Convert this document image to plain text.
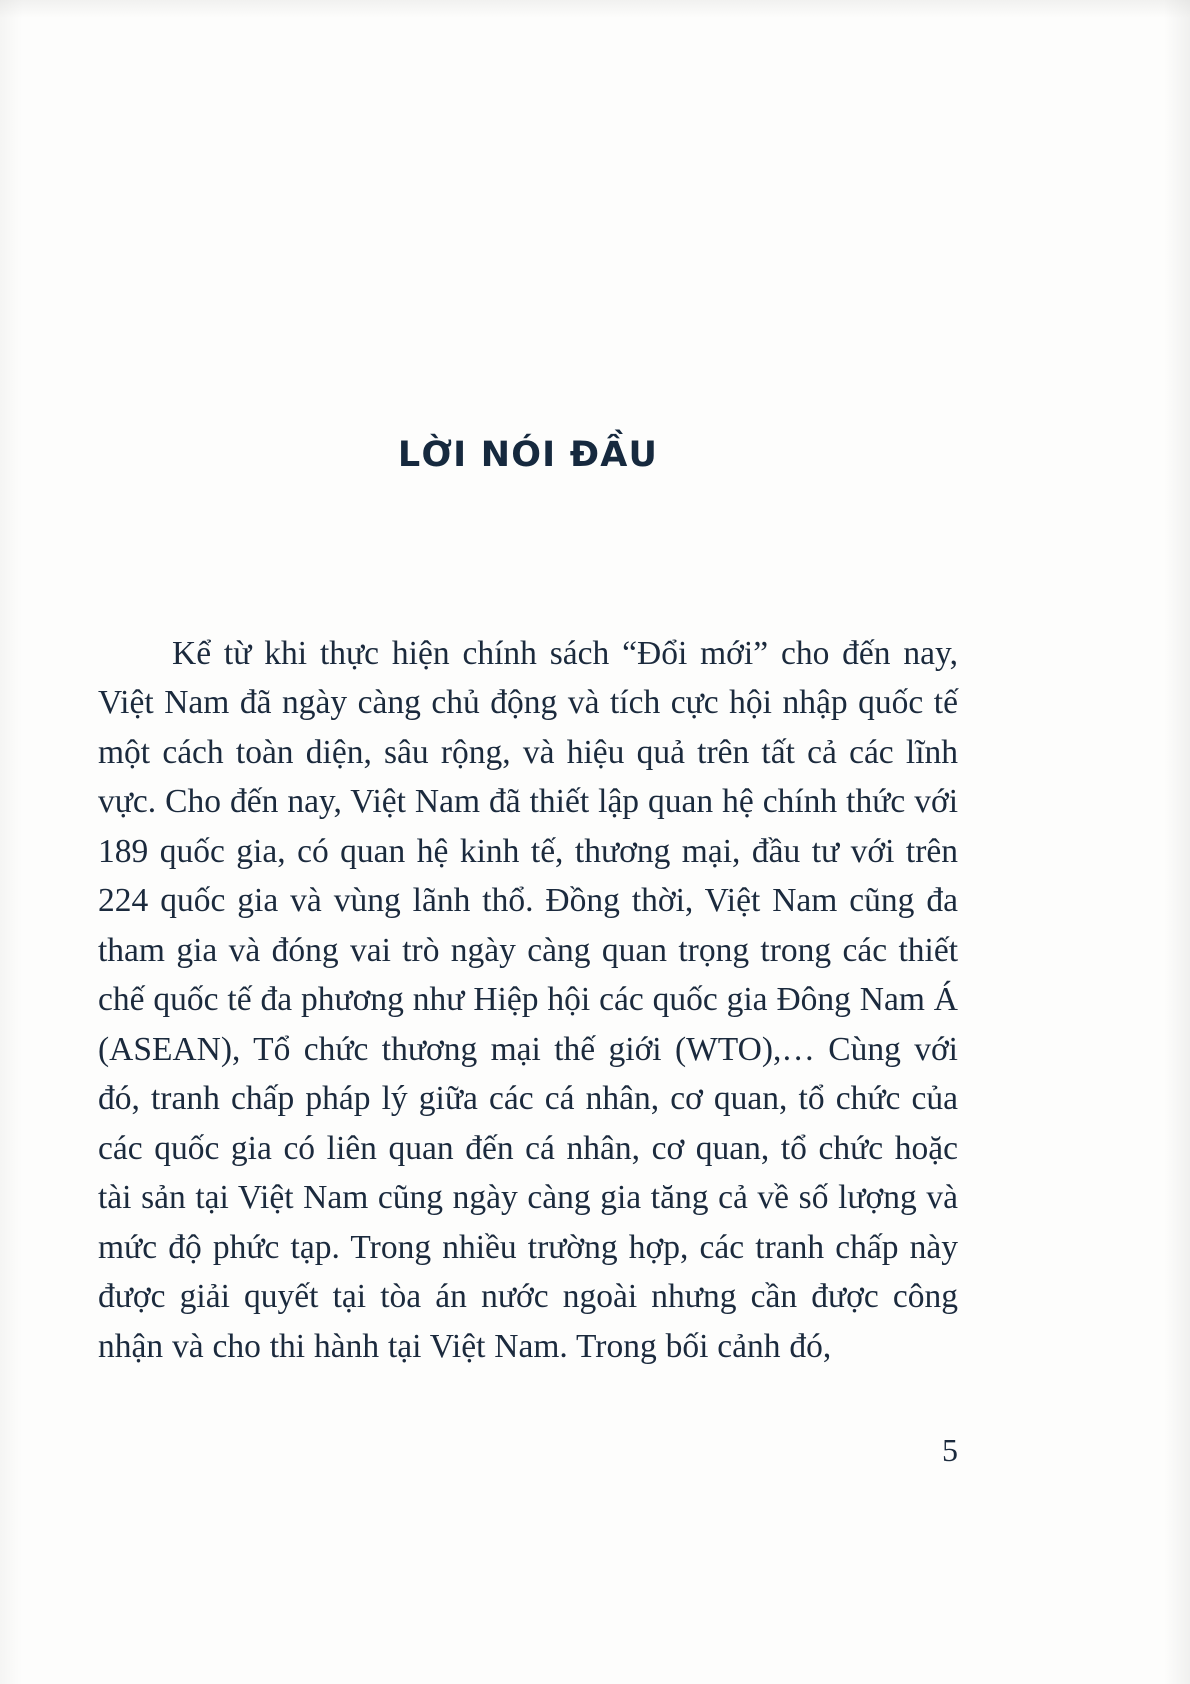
LỜI NÓI ĐẦU

Kể từ khi thực hiện chính sách “Đổi mới” cho đến nay, Việt Nam đã ngày càng chủ động và tích cực hội nhập quốc tế một cách toàn diện, sâu rộng, và hiệu quả trên tất cả các lĩnh vực. Cho đến nay, Việt Nam đã thiết lập quan hệ chính thức với 189 quốc gia, có quan hệ kinh tế, thương mại, đầu tư với trên 224 quốc gia và vùng lãnh thổ. Đồng thời, Việt Nam cũng đa tham gia và đóng vai trò ngày càng quan trọng trong các thiết chế quốc tế đa phương như Hiệp hội các quốc gia Đông Nam Á (ASEAN), Tổ chức thương mại thế giới (WTO),… Cùng với đó, tranh chấp pháp lý giữa các cá nhân, cơ quan, tổ chức của các quốc gia có liên quan đến cá nhân, cơ quan, tổ chức hoặc tài sản tại Việt Nam cũng ngày càng gia tăng cả về số lượng và mức độ phức tạp. Trong nhiều trường hợp, các tranh chấp này được giải quyết tại tòa án nước ngoài nhưng cần được công nhận và cho thi hành tại Việt Nam. Trong bối cảnh đó,

5
